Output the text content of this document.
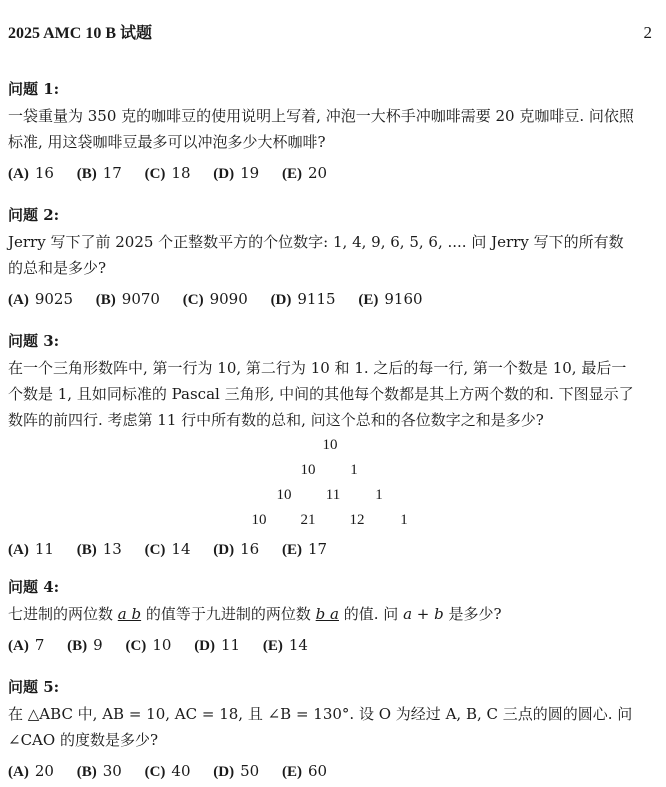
2025 AMC 10 B 试题	2
问题 1:
一袋重量为 350 克的咖啡豆的使用说明上写着, 冲泡一大杯手冲咖啡需要 20 克咖啡豆. 问依照
标准, 用这袋咖啡豆最多可以冲泡多少大杯咖啡?
(A) 16 (B) 17 (C) 18 (D) 19 (E) 20
问题 2:
Jerry 写下了前 2025 个正整数平方的个位数字: 1, 4, 9, 6, 5, 6, .... 问 Jerry 写下的所有数
的总和是多少?
(A) 9025 (B) 9070 (C) 9090 (D) 9115 (E) 9160
问题 3:
在一个三角形数阵中, 第一行为 10, 第二行为 10 和 1. 之后的每一行, 第一个数是 10, 最后一
个数是 1, 且如同标准的 Pascal 三角形, 中间的其他每个数都是其上方两个数的和. 下图显示了
数阵的前四行. 考虑第 11 行中所有数的总和, 问这个总和的各位数字之和是多少?
10
10 1
10 11 1
10 21 12 1
(A) 11 (B) 13 (C) 14 (D) 16 (E) 17
问题 4:
七进制的两位数 a b 的值等于九进制的两位数 b a 的值. 问 a + b 是多少?
(A) 7 (B) 9 (C) 10 (D) 11 (E) 14
问题 5:
在 △ABC 中, AB = 10, AC = 18, 且 ∠B = 130°. 设 O 为经过 A, B, C 三点的圆的圆心. 问
∠CAO 的度数是多少?
(A) 20 (B) 30 (C) 40 (D) 50 (E) 60
